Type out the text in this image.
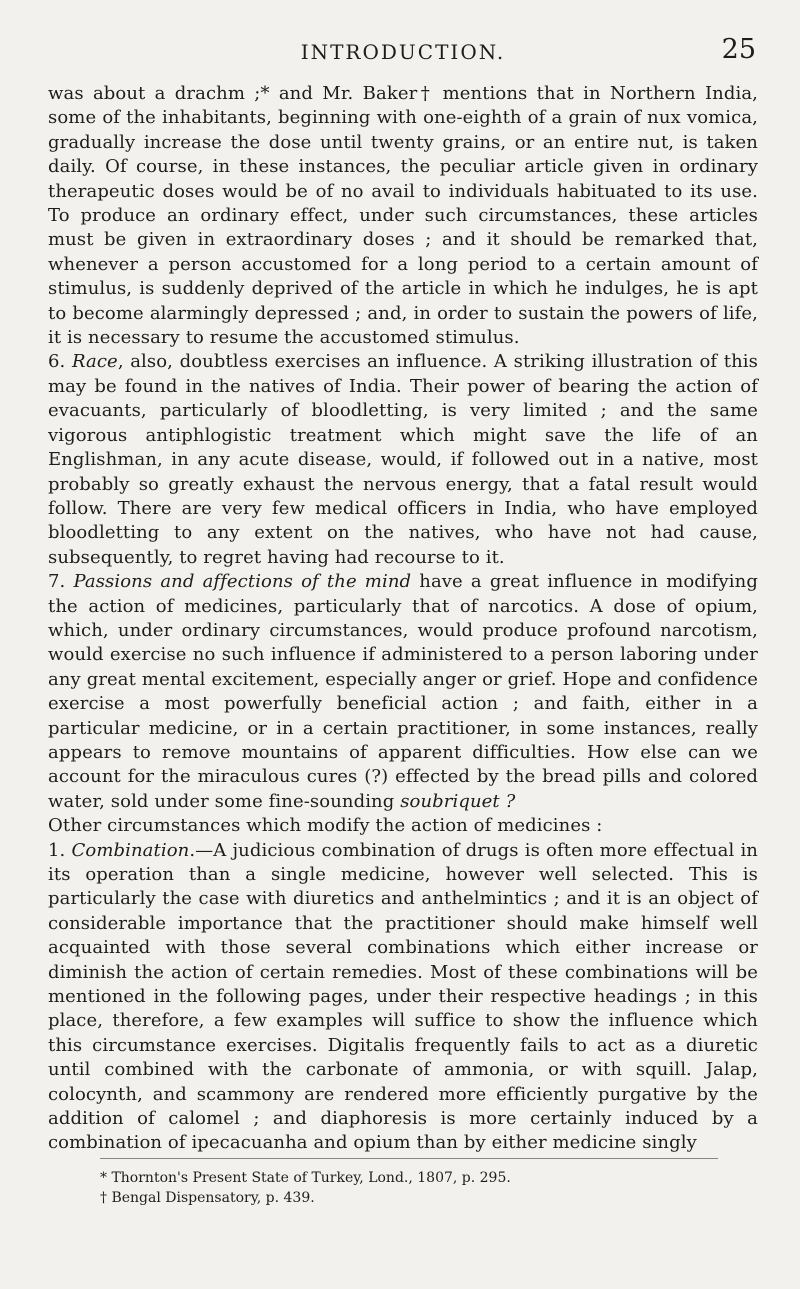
INTRODUCTION.	25

was about a drachm ;* and Mr. Baker† mentions that in Northern India, some of the inhabitants, beginning with one-eighth of a grain of nux vomica, gradually increase the dose until twenty grains, or an entire nut, is taken daily. Of course, in these instances, the peculiar article given in ordinary therapeutic doses would be of no avail to individuals habituated to its use. To produce an ordinary effect, under such circumstances, these articles must be given in extraordinary doses ; and it should be remarked that, whenever a person accustomed for a long period to a certain amount of stimulus, is suddenly deprived of the article in which he indulges, he is apt to become alarmingly depressed ; and, in order to sustain the powers of life, it is necessary to resume the accustomed stimulus.

6. Race, also, doubtless exercises an influence. A striking illustration of this may be found in the natives of India. Their power of bearing the action of evacuants, particularly of bloodletting, is very limited ; and the same vigorous antiphlogistic treatment which might save the life of an Englishman, in any acute disease, would, if followed out in a native, most probably so greatly exhaust the nervous energy, that a fatal result would follow. There are very few medical officers in India, who have employed bloodletting to any extent on the natives, who have not had cause, subsequently, to regret having had recourse to it.

7. Passions and affections of the mind have a great influence in modifying the action of medicines, particularly that of narcotics. A dose of opium, which, under ordinary circumstances, would produce profound narcotism, would exercise no such influence if administered to a person laboring under any great mental excitement, especially anger or grief. Hope and confidence exercise a most powerfully beneficial action ; and faith, either in a particular medicine, or in a certain practitioner, in some instances, really appears to remove mountains of apparent difficulties. How else can we account for the miraculous cures (?) effected by the bread pills and colored water, sold under some fine-sounding soubriquet ?

Other circumstances which modify the action of medicines :

1. Combination.—A judicious combination of drugs is often more effectual in its operation than a single medicine, however well selected. This is particularly the case with diuretics and anthelmintics ; and it is an object of considerable importance that the practitioner should make himself well acquainted with those several combinations which either increase or diminish the action of certain remedies. Most of these combinations will be mentioned in the following pages, under their respective headings ; in this place, therefore, a few examples will suffice to show the influence which this circumstance exercises. Digitalis frequently fails to act as a diuretic until combined with the carbonate of ammonia, or with squill. Jalap, colocynth, and scammony are rendered more efficiently purgative by the addition of calomel ; and diaphoresis is more certainly induced by a combination of ipecacuanha and opium than by either medicine singly

* Thornton's Present State of Turkey, Lond., 1807, p. 295.
† Bengal Dispensatory, p. 439.
